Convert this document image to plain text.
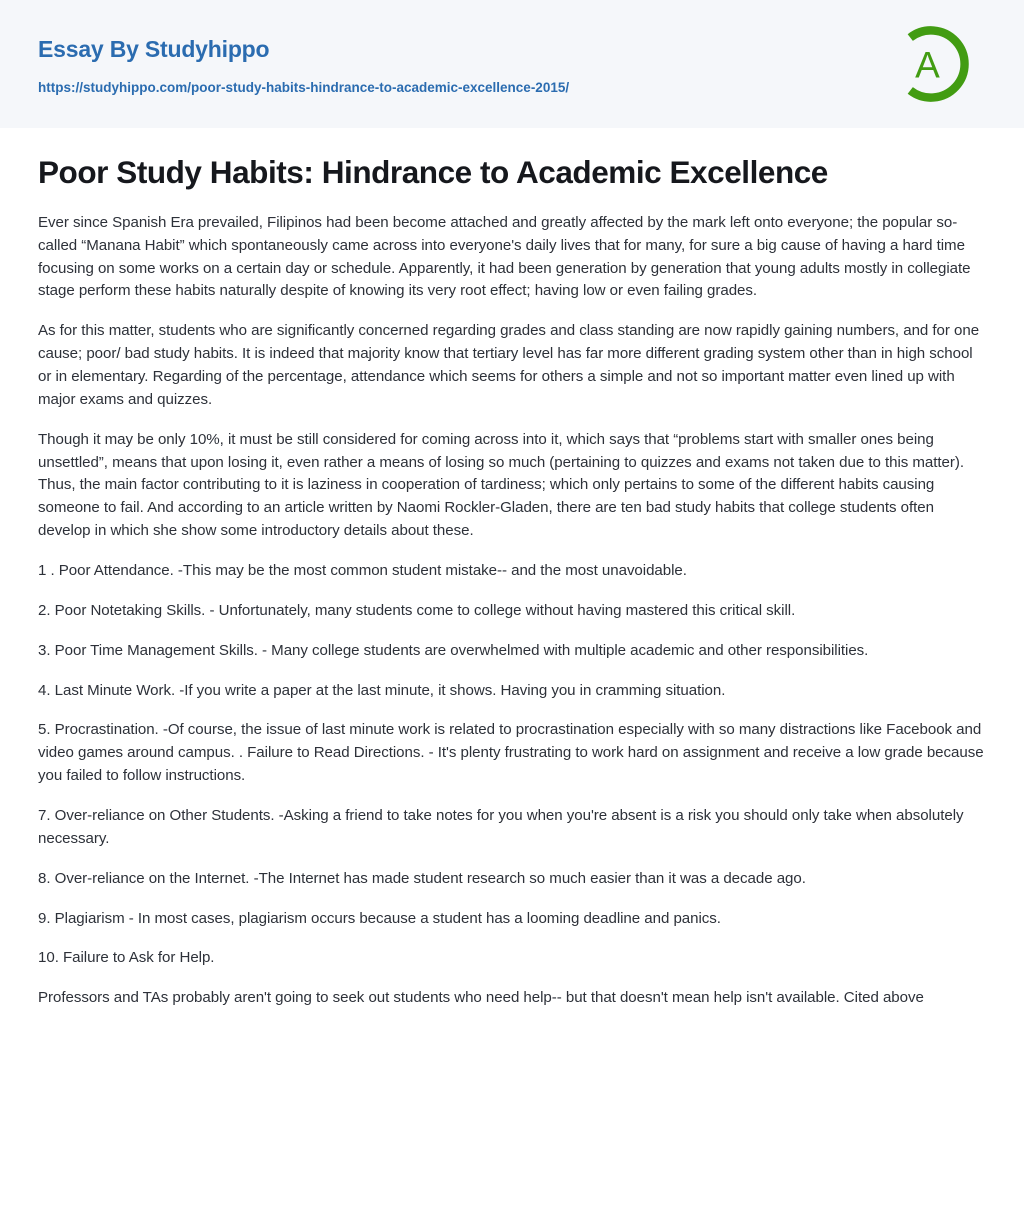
Essay By Studyhippo
https://studyhippo.com/poor-study-habits-hindrance-to-academic-excellence-2015/
A
Poor Study Habits: Hindrance to Academic Excellence

Ever since Spanish Era prevailed, Filipinos had been become attached and greatly affected by the mark left onto everyone; the popular so-called “Manana Habit” which spontaneously came across into everyone's daily lives that for many, for sure a big cause of having a hard time focusing on some works on a certain day or schedule. Apparently, it had been generation by generation that young adults mostly in collegiate stage perform these habits naturally despite of knowing its very root effect; having low or even failing grades.

As for this matter, students who are significantly concerned regarding grades and class standing are now rapidly gaining numbers, and for one cause; poor/ bad study habits. It is indeed that majority know that tertiary level has far more different grading system other than in high school or in elementary. Regarding of the percentage, attendance which seems for others a simple and not so important matter even lined up with major exams and quizzes.

Though it may be only 10%, it must be still considered for coming across into it, which says that “problems start with smaller ones being unsettled”, means that upon losing it, even rather a means of losing so much (pertaining to quizzes and exams not taken due to this matter). Thus, the main factor contributing to it is laziness in cooperation of tardiness; which only pertains to some of the different habits causing someone to fail. And according to an article written by Naomi Rockler-Gladen, there are ten bad study habits that college students often develop in which she show some introductory details about these.

1 . Poor Attendance. -This may be the most common student mistake-- and the most unavoidable.

2. Poor Notetaking Skills. - Unfortunately, many students come to college without having mastered this critical skill.

3. Poor Time Management Skills. - Many college students are overwhelmed with multiple academic and other responsibilities.

4. Last Minute Work. -If you write a paper at the last minute, it shows. Having you in cramming situation.

5. Procrastination. -Of course, the issue of last minute work is related to procrastination especially with so many distractions like Facebook and video games around campus. . Failure to Read Directions. - It's plenty frustrating to work hard on assignment and receive a low grade because you failed to follow instructions.

7. Over-reliance on Other Students. -Asking a friend to take notes for you when you're absent is a risk you should only take when absolutely necessary.

8. Over-reliance on the Internet. -The Internet has made student research so much easier than it was a decade ago.

9. Plagiarism - In most cases, plagiarism occurs because a student has a looming deadline and panics.

10. Failure to Ask for Help.

Professors and TAs probably aren't going to seek out students who need help-- but that doesn't mean help isn't available. Cited above
